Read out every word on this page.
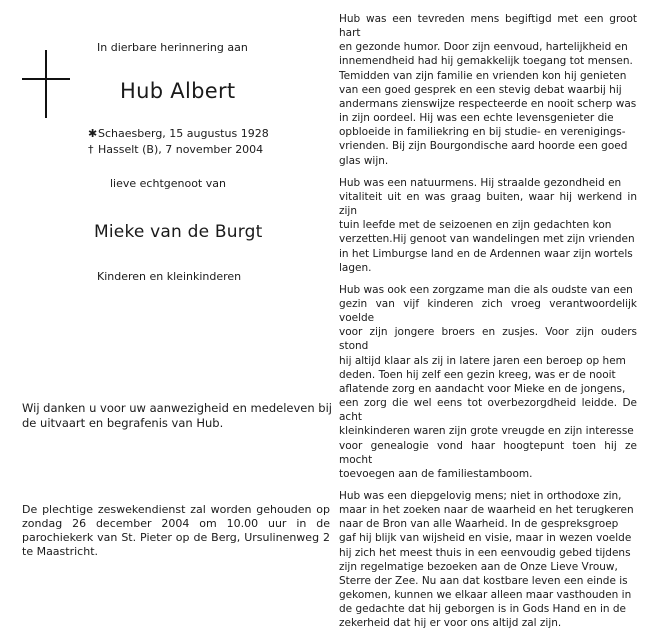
In dierbare herinnering aan
Hub Albert
✱Schaesberg, 15 augustus 1928
† Hasselt (B), 7 november 2004
lieve echtgenoot van
Mieke van de Burgt
Kinderen en kleinkinderen
Wij danken u voor uw aanwezigheid en medeleven bij de uitvaart en begrafenis van Hub.
De plechtige zeswekendienst zal worden gehouden op zondag 26 december 2004 om 10.00 uur in de parochiekerk van St. Pieter op de Berg, Ursulinenweg 2 te Maastricht.

Hub was een tevreden mens begiftigd met een groot hart
en gezonde humor. Door zijn eenvoud, hartelijkheid en
innemendheid had hij gemakkelijk toegang tot mensen.
Temidden van zijn familie en vrienden kon hij genieten
van een goed gesprek en een stevig debat waarbij hij
andermans zienswijze respecteerde en nooit scherp was
in zijn oordeel. Hij was een echte levensgenieter die
opbloeide in familiekring en bij studie- en verenigings-
vrienden. Bij zijn Bourgondische aard hoorde een goed
glas wijn.

Hub was een natuurmens. Hij straalde gezondheid en
vitaliteit uit en was graag buiten, waar hij werkend in zijn
tuin leefde met de seizoenen en zijn gedachten kon
verzetten.Hij genoot van wandelingen met zijn vrienden
in het Limburgse land en de Ardennen waar zijn wortels
lagen.

Hub was ook een zorgzame man die als oudste van een
gezin van vijf kinderen zich vroeg verantwoordelijk voelde
voor zijn jongere broers en zusjes. Voor zijn ouders stond
hij altijd klaar als zij in latere jaren een beroep op hem
deden. Toen hij zelf een gezin kreeg, was er de nooit
aflatende zorg en aandacht voor Mieke en de jongens,
een zorg die wel eens tot overbezorgdheid leidde. De acht
kleinkinderen waren zijn grote vreugde en zijn interesse
voor genealogie vond haar hoogtepunt toen hij ze mocht
toevoegen aan de familiestamboom.

Hub was een diepgelovig mens; niet in orthodoxe zin,
maar in het zoeken naar de waarheid en het terugkeren
naar de Bron van alle Waarheid. In de gespreksgroep
gaf hij blijk van wijsheid en visie, maar in wezen voelde
hij zich het meest thuis in een eenvoudig gebed tijdens
zijn regelmatige bezoeken aan de Onze Lieve Vrouw,
Sterre der Zee. Nu aan dat kostbare leven een einde is
gekomen, kunnen we elkaar alleen maar vasthouden in
de gedachte dat hij geborgen is in Gods Hand en in de
zekerheid dat hij er voor ons altijd zal zijn.
